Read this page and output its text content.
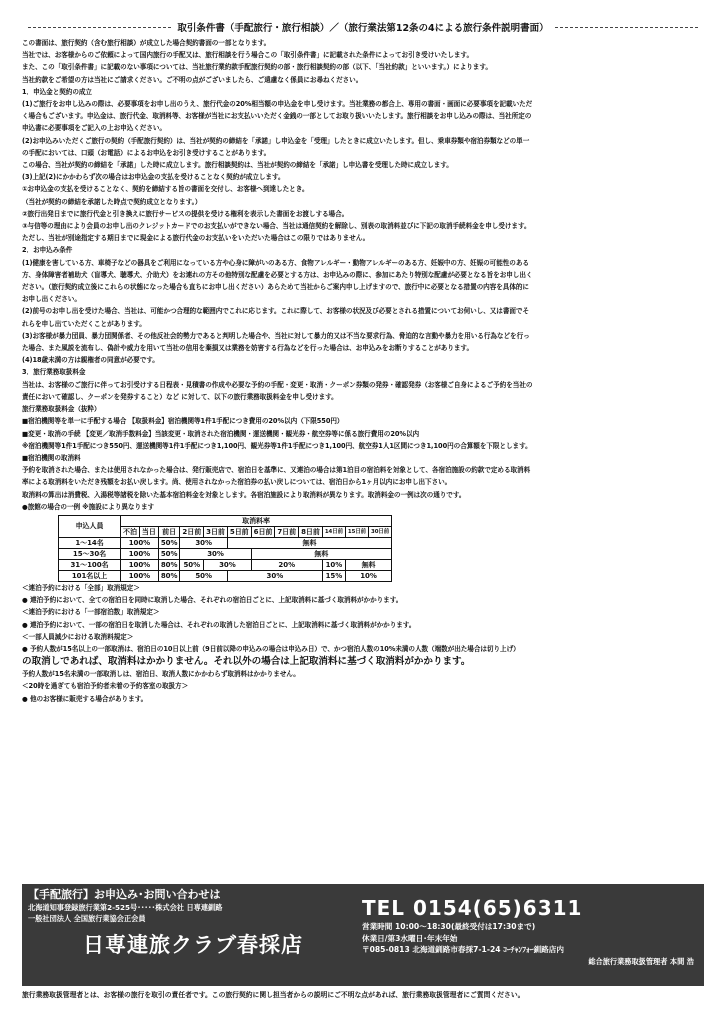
取引条件書（手配旅行・旅行相談）／（旅行業法第12条の4による旅行条件説明書面）

この書面は、旅行契約（含む旅行相談）が成立した場合契約書面の一部となります。

当社では、お客様からのご依頼によって国内旅行の手配又は、旅行相談を行う場合この「取引条件書」に記載された条件によってお引き受けいたします。

また、この「取引条件書」に記載のない事項については、当社旅行業約款手配旅行契約の部・旅行相談契約の部（以下、「当社約款」といいます。）によります。

当社約款をご希望の方は当社にご請求ください。ご不明の点がございましたら、ご遠慮なく係員にお尋ねください。

1．申込金と契約の成立

(1)ご旅行をお申し込みの際は、必要事項をお申し出のうえ、旅行代金の20%相当額の申込金を申し受けます。当社業務の都合上、専用の書面・画面に必要事項を記載いただ

く場合もございます。申込金は、旅行代金、取消料等、お客様が当社にお支払いいただく金銭の一部としてお取り扱いいたします。旅行相談をお申し込みの際は、当社所定の

申込書に必要事項をご記入の上お申込ください。

(2)お申込みいただくご旅行の契約（手配旅行契約）は、当社が契約の締結を「承諾」し申込金を「受理」したときに成立いたします。但し、乗車券類や宿泊券類などの単一

の手配においては、口頭（お電話）によるお申込をお引き受けすることがあります。

この場合、当社が契約の締結を「承諾」した時に成立します。旅行相談契約は、当社が契約の締結を「承諾」し申込書を受理した時に成立します。

(3)上記(2)にかかわらず次の場合はお申込金の支払を受けることなく契約が成立します。

①お申込金の支払を受けることなく、契約を締結する旨の書面を交付し、お客様へ到達したとき。

（当社が契約の締結を承諾した時点で契約成立となります。）

②旅行出発日までに旅行代金と引き換えに旅行サービスの提供を受ける権利を表示した書面をお渡しする場合。

③与信等の理由により会員のお申し出のクレジットカードでのお支払いができない場合、当社は通信契約を解除し、別表の取消料並びに下記の取消手続料金を申し受けます。

ただし、当社が別途指定する期日までに現金による旅行代金のお支払いをいただいた場合はこの限りではありません。

2．お申込み条件

(1)健康を害している方、車椅子などの器具をご利用になっている方や心身に障がいのある方、食物アレルギー・動物アレルギーのある方、妊娠中の方、妊娠の可能性のある

方、身体障害者補助犬（盲導犬、聴導犬、介助犬）をお連れの方その他特別な配慮を必要とする方は、お申込みの際に、参加にあたり特別な配慮が必要となる旨をお申し出く

ださい。（旅行契約成立後にこれらの状態になった場合も直ちにお申し出ください）あらためて当社からご案内申し上げますので、旅行中に必要となる措置の内容を具体的に

お申し出ください。

(2)前号のお申し出を受けた場合、当社は、可能かつ合理的な範囲内でこれに応じます。これに際して、お客様の状況及び必要とされる措置についてお伺いし、又は書面でそ

れらを申し出ていただくことがあります。

(3)お客様が暴力団員、暴力団関係者、その他反社会的勢力であると判明した場合や、当社に対して暴力的又は不当な要求行為、脅迫的な言動や暴力を用いる行為などを行っ

た場合、また風説を流布し、偽計や威力を用いて当社の信用を棄損又は業務を妨害する行為などを行った場合は、お申込みをお断りすることがあります。

(4)18歳未満の方は親権者の同意が必要です。

3．旅行業務取扱料金

当社は、お客様のご旅行に伴ってお引受けする日程表・見積書の作成や必要な予約の手配・変更・取消・クーポン券類の発券・確認発券（お客様ご自身によるご予約を当社の

責任において確認し、クーポンを発券すること）など に対して、以下の旅行業務取扱料金を申し受けます。

旅行業務取扱料金（抜粋）

■宿泊機関等を単一に手配する場合 【取扱料金】宿泊機関等1件1手配につき費用の20%以内（下限550円）

■変更・取消の手続 【変更／取消手数料金】当該変更・取消された宿泊機関・運送機関・観光券・航空券等に係る旅行費用の20%以内

※宿泊機関等1件1手配につき550円、運送機関等1件1手配につき1,100円、観光券等1件1手配につき1,100円、航空券1人1区間につき1,100円の合算額を下限とします。

■宿泊機関の取消料

予約を取消された場合、または使用されなかった場合は、発行販売店で、宿泊日を基準に、又連泊の場合は第1泊目の宿泊料を対象として、各宿泊施設の約款で定める取消料

率による取消料をいただき残額をお払い戻します。尚、使用されなかった宿泊券の払い戻しについては、宿泊日から1ヶ月以内にお申し出下さい。

取消料の算出は消費税、入湯税等諸税を除いた基本宿泊料金を対象とします。各宿泊施設により取消料が異なります。取消料金の一例は次の通りです。

●旅館の場合の一例 ※施設により異なります

申込人員	取消料率											
	不泊	当日	前日	2日前	3日前	5日前	6日前	7日前	8日前	14日前	15日前	30日前
1～14名	100%		50%	30%		無料						
15～30名	100%		50%	30%			無料					
31～100名	100%		80%	50%	30%		20%			10%	無料	
101名以上	100%		80%	50%		30%				15%	10%	

＜連泊予約における「全部」取消規定＞

● 連泊予約において、全ての宿泊日を同時に取消した場合、それぞれの宿泊日ごとに、上記取消料に基づく取消料がかかります。

＜連泊予約における「一部宿泊数」取消規定＞

● 連泊予約において、一部の宿泊日を取消した場合は、それぞれの取消した宿泊日ごとに、上記取消料に基づく取消料がかかります。

＜一部人員減少における取消料規定＞

● 予約人数が15名以上の一部取消は、宿泊日の10日以上前（9日前以降の申込みの場合は申込み日）で、かつ宿泊人数の10%未満の人数（端数が出た場合は切り上げ）

の取消しであれば、取消料はかかりません。それ以外の場合は上記取消料に基づく取消料がかかります。

予約人数が15名未満の一部取消しは、宿泊日、取消人数にかかわらず取消料はかかりません。

＜20時を過ぎても宿泊予約者未着の予約客室の取扱方＞

● 他のお客様に販売する場合があります。

【手配旅行】お申込み･お問い合わせは
北海道知事登録旅行業第2-525号･････株式会社 日専連釧路
一般社団法人 全国旅行業協会正会員
日専連旅クラブ春採店
TEL 0154(65)6311
営業時間 10:00～18:30(最終受付は17:30まで)
休業日/第3水曜日･年末年始
〒085-0813 北海道釧路市春採7-1-24 ｺｰﾁｬﾝﾌｫｰ釧路店内
総合旅行業務取扱管理者 本間 浩
旅行業務取扱管理者とは、お客様の旅行を取引の責任者です。この旅行契約に関し担当者からの説明にご不明な点があれば、旅行業務取扱管理者にご質問ください。
